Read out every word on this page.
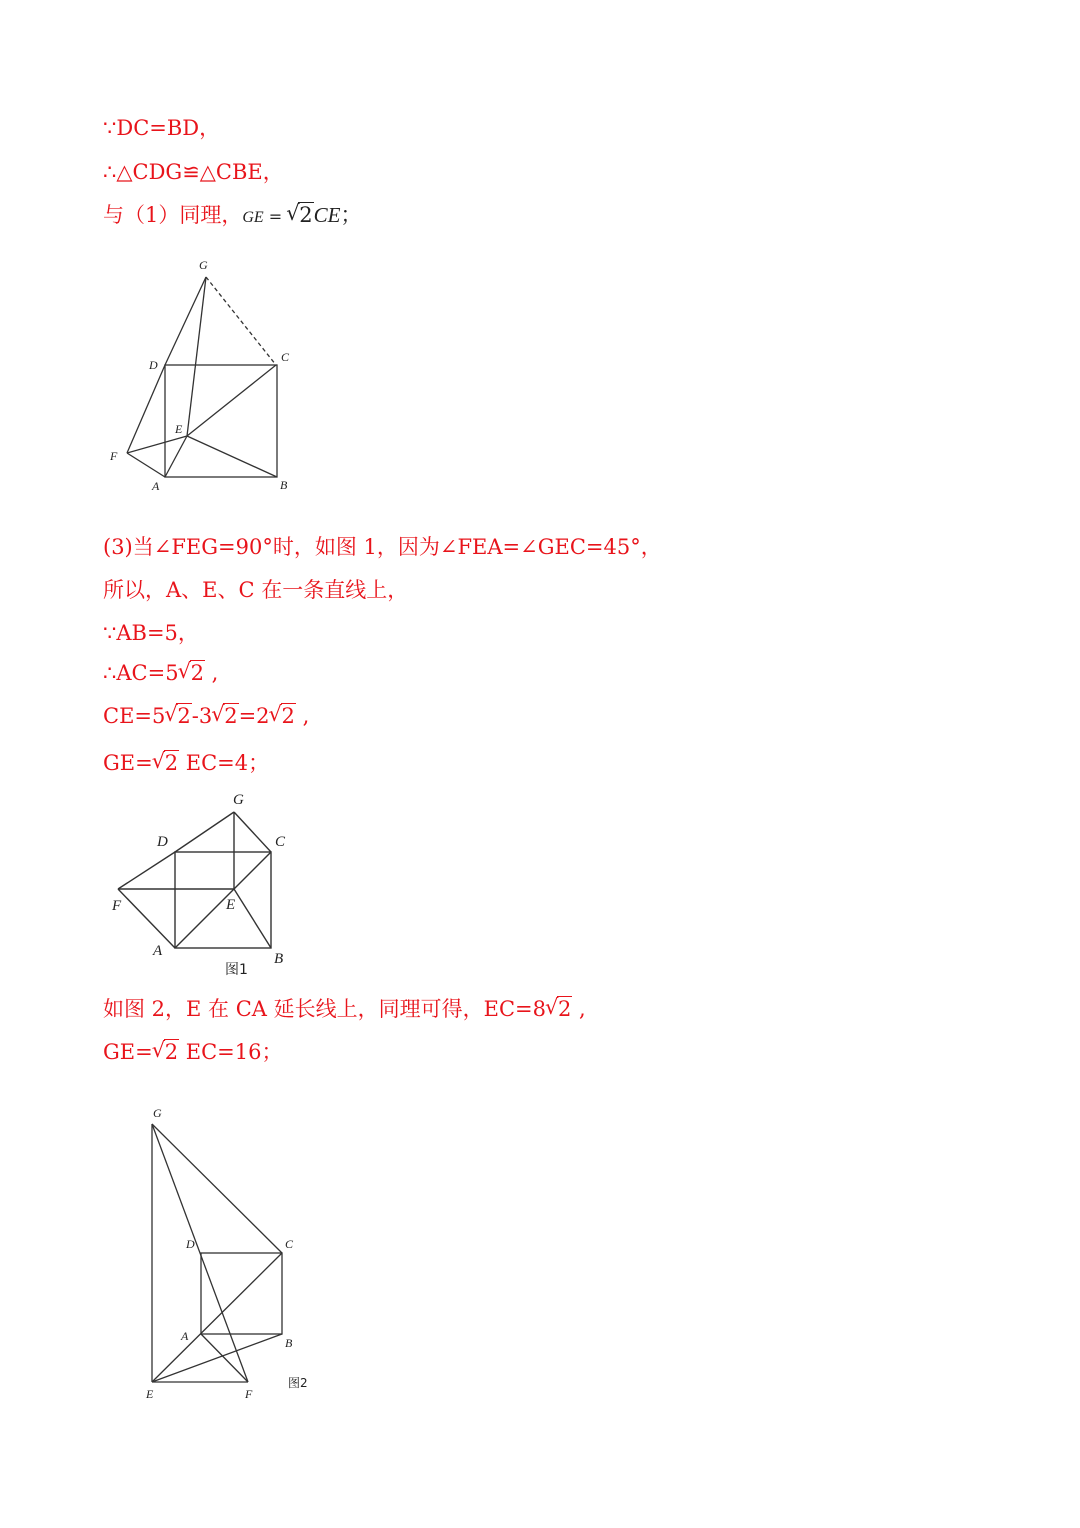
∵DC=BD，
∴△CDG≌△CBE，
与（1）同理，GE = √ 2CE；
G
D
C
E
F
A	B
(3)当∠FEG=90°时，如图 1，因为∠FEA=∠GEC=45°，
所以，A、E、C 在一条直线上，
∵AB=5，
∴AC=5 √ 2 ,
CE=5 √ 2-3 √ 2=2 √ 2 ,
GE= √ 2 EC=4；
G
D	C
E
F
A	B
图1
如图 2，E 在 CA 延长线上，同理可得，EC=8 √ 2 ,
GE= √ 2 EC=16；
G
D	C
A	B
E	F
图2
